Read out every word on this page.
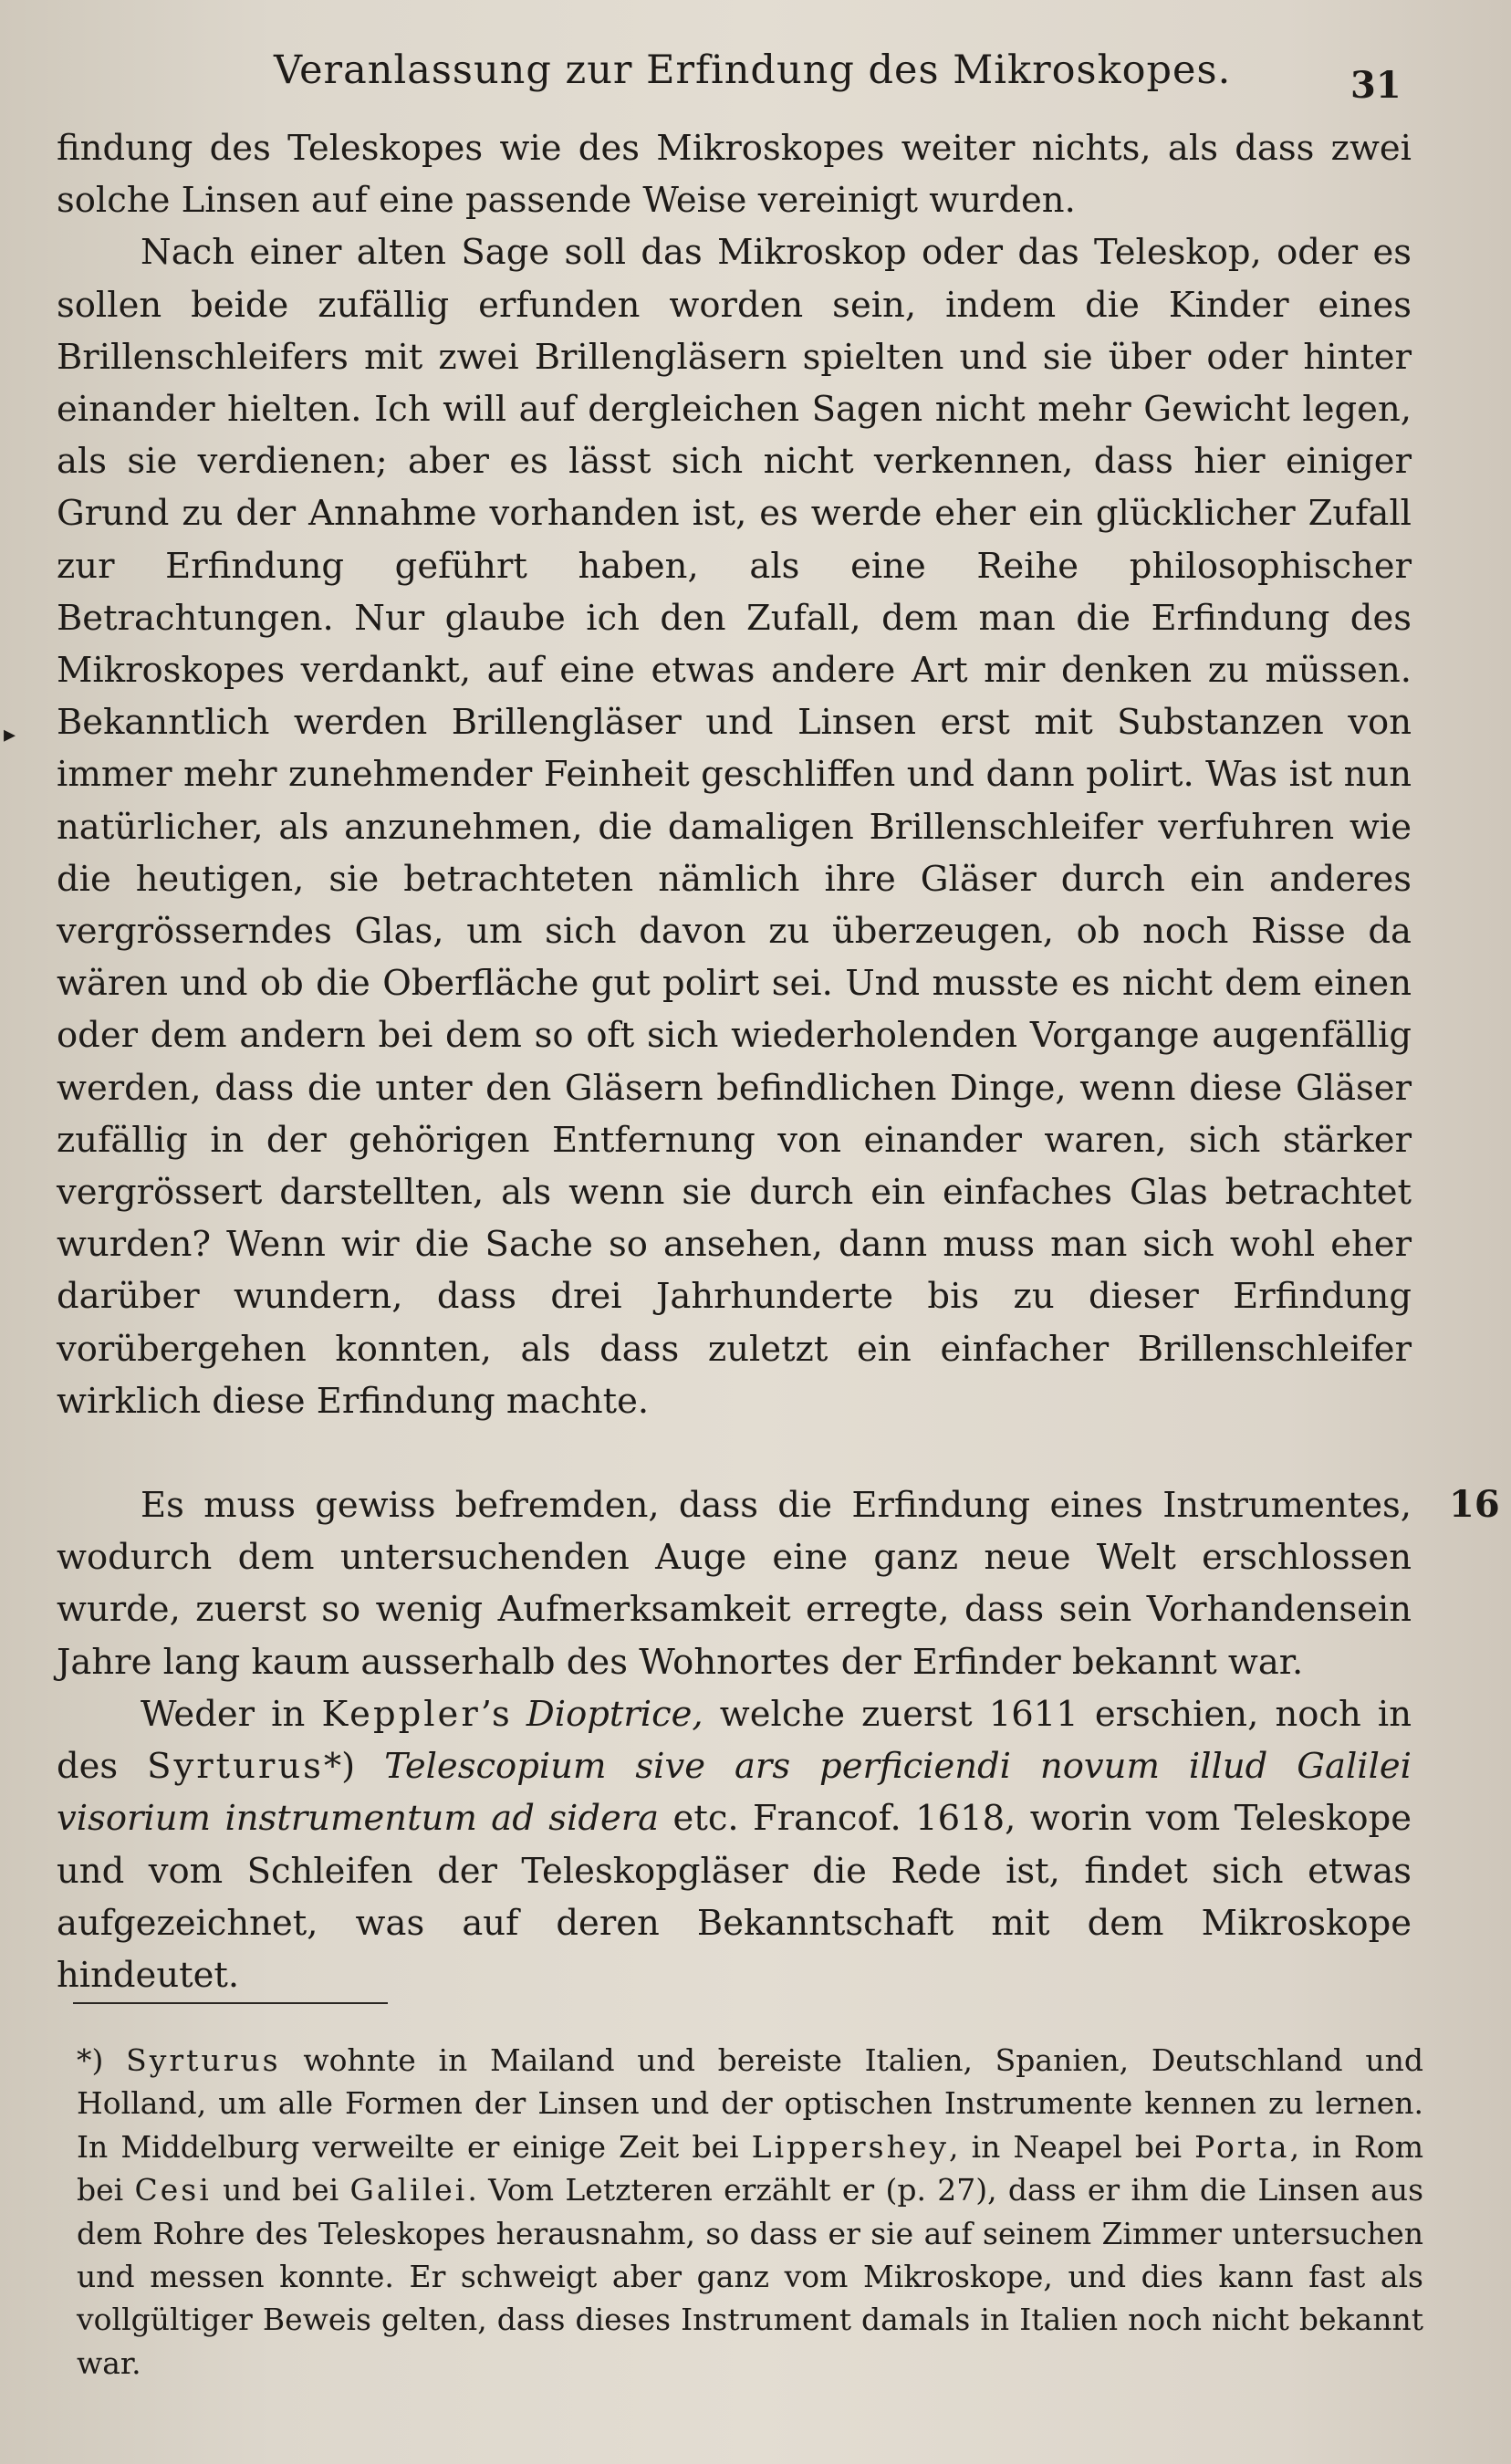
Veranlassung zur Erfindung des Mikroskopes.	31
▸
16

findung des Teleskopes wie des Mikroskopes weiter nichts, als dass zwei solche Linsen auf eine passende Weise vereinigt wurden.

Nach einer alten Sage soll das Mikroskop oder das Teleskop, oder es sollen beide zufällig erfunden worden sein, indem die Kinder eines Brillenschleifers mit zwei Brillengläsern spielten und sie über oder hinter einander hielten. Ich will auf dergleichen Sagen nicht mehr Gewicht legen, als sie verdienen; aber es lässt sich nicht verkennen, dass hier einiger Grund zu der Annahme vorhanden ist, es werde eher ein glücklicher Zufall zur Erfindung geführt haben, als eine Reihe philosophischer Betrachtungen. Nur glaube ich den Zufall, dem man die Erfindung des Mikroskopes verdankt, auf eine etwas andere Art mir denken zu müssen. Bekanntlich werden Brillengläser und Linsen erst mit Substanzen von immer mehr zunehmender Feinheit geschliffen und dann polirt. Was ist nun natürlicher, als anzunehmen, die damaligen Brillenschleifer verfuhren wie die heutigen, sie betrachteten nämlich ihre Gläser durch ein anderes vergrösserndes Glas, um sich davon zu überzeugen, ob noch Risse da wären und ob die Oberfläche gut polirt sei. Und musste es nicht dem einen oder dem andern bei dem so oft sich wiederholenden Vorgange augenfällig werden, dass die unter den Gläsern befindlichen Dinge, wenn diese Gläser zufällig in der gehörigen Entfernung von einander waren, sich stärker vergrössert darstellten, als wenn sie durch ein einfaches Glas betrachtet wurden? Wenn wir die Sache so ansehen, dann muss man sich wohl eher darüber wundern, dass drei Jahrhunderte bis zu dieser Erfindung vorübergehen konnten, als dass zuletzt ein einfacher Brillenschleifer wirklich diese Erfindung machte.

Es muss gewiss befremden, dass die Erfindung eines Instrumentes, wodurch dem untersuchenden Auge eine ganz neue Welt erschlossen wurde, zuerst so wenig Aufmerksamkeit erregte, dass sein Vorhandensein Jahre lang kaum ausserhalb des Wohnortes der Erfinder bekannt war.

Weder in Keppler’s Dioptrice, welche zuerst 1611 erschien, noch in des Syrturus*) Telescopium sive ars perficiendi novum illud Galilei visorium instrumentum ad sidera etc. Francof. 1618, worin vom Teleskope und vom Schleifen der Teleskopgläser die Rede ist, findet sich etwas aufgezeichnet, was auf deren Bekanntschaft mit dem Mikroskope hindeutet.

*) Syrturus wohnte in Mailand und bereiste Italien, Spanien, Deutschland und Holland, um alle Formen der Linsen und der optischen Instrumente kennen zu lernen. In Middelburg verweilte er einige Zeit bei Lippershey, in Neapel bei Porta, in Rom bei Cesi und bei Galilei. Vom Letzteren erzählt er (p. 27), dass er ihm die Linsen aus dem Rohre des Teleskopes herausnahm, so dass er sie auf seinem Zimmer untersuchen und messen konnte. Er schweigt aber ganz vom Mikroskope, und dies kann fast als vollgültiger Beweis gelten, dass dieses Instrument damals in Italien noch nicht bekannt war.
